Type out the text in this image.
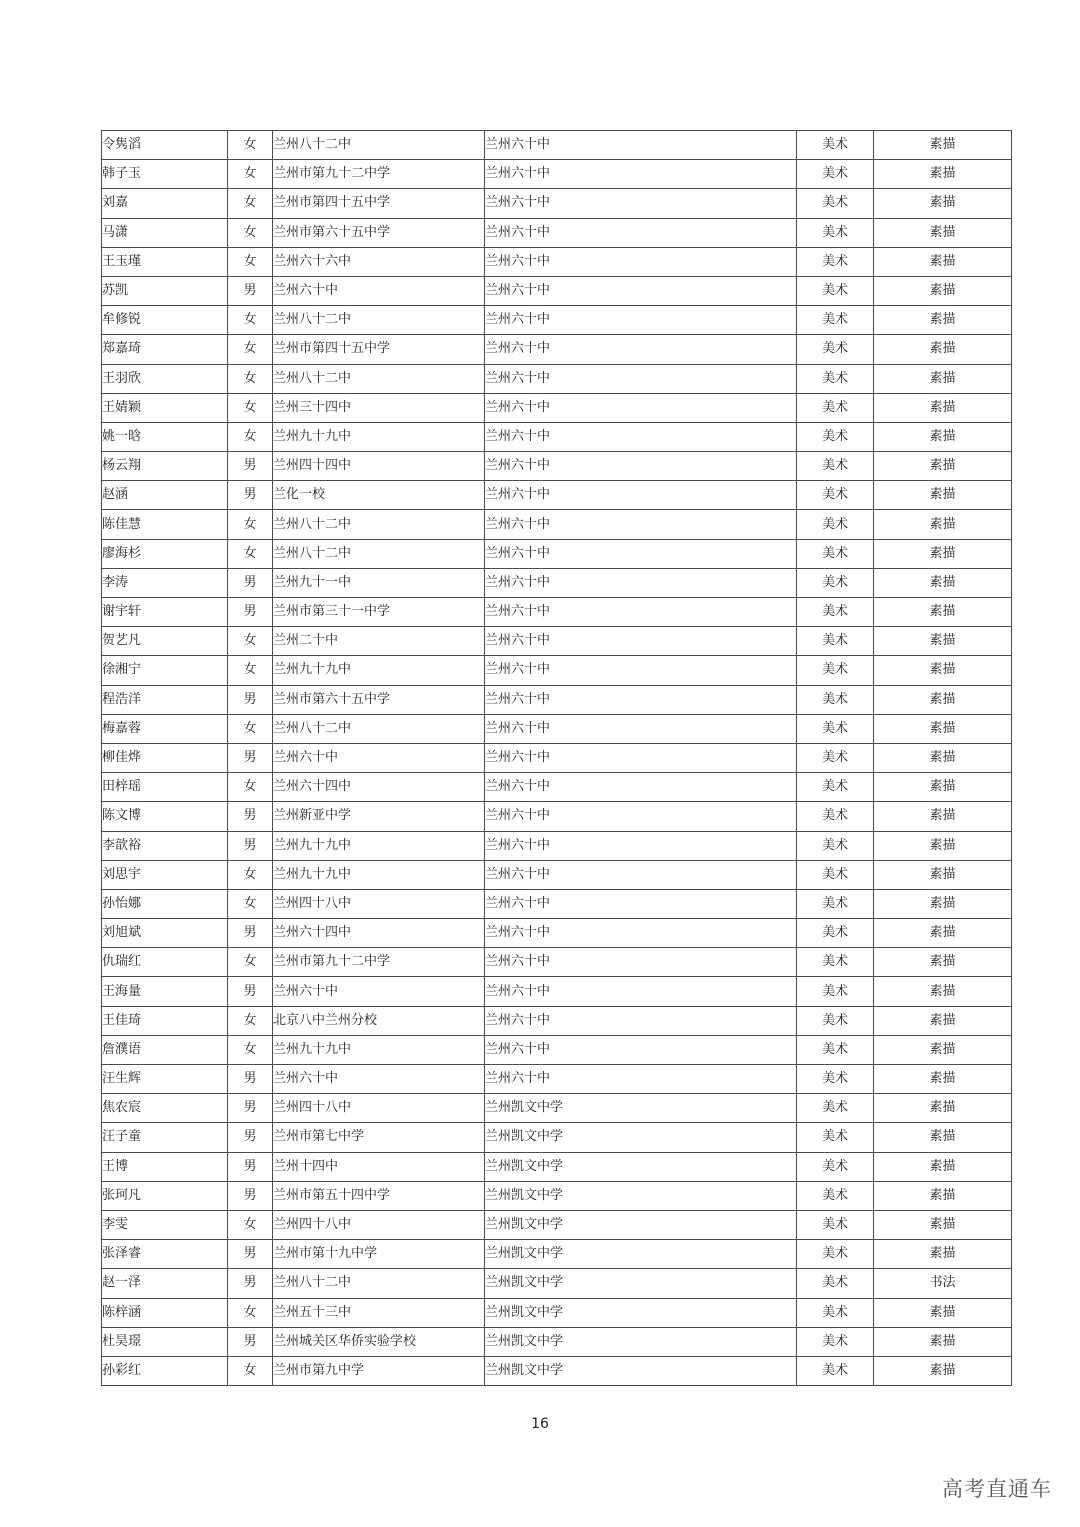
令隽滔	女	兰州八十二中	兰州六十中	美术	素描
韩子玉	女	兰州市第九十二中学	兰州六十中	美术	素描
刘嘉	女	兰州市第四十五中学	兰州六十中	美术	素描
马潇	女	兰州市第六十五中学	兰州六十中	美术	素描
王玉瑾	女	兰州六十六中	兰州六十中	美术	素描
苏凯	男	兰州六十中	兰州六十中	美术	素描
牟修锐	女	兰州八十二中	兰州六十中	美术	素描
郑嘉琦	女	兰州市第四十五中学	兰州六十中	美术	素描
王羽欣	女	兰州八十二中	兰州六十中	美术	素描
王婧颖	女	兰州三十四中	兰州六十中	美术	素描
姚一晗	女	兰州九十九中	兰州六十中	美术	素描
杨云翔	男	兰州四十四中	兰州六十中	美术	素描
赵涵	男	兰化一校	兰州六十中	美术	素描
陈佳慧	女	兰州八十二中	兰州六十中	美术	素描
廖海杉	女	兰州八十二中	兰州六十中	美术	素描
李涛	男	兰州九十一中	兰州六十中	美术	素描
谢宇轩	男	兰州市第三十一中学	兰州六十中	美术	素描
贺艺凡	女	兰州二十中	兰州六十中	美术	素描
徐湘宁	女	兰州九十九中	兰州六十中	美术	素描
程浩洋	男	兰州市第六十五中学	兰州六十中	美术	素描
梅嘉蓉	女	兰州八十二中	兰州六十中	美术	素描
柳佳烨	男	兰州六十中	兰州六十中	美术	素描
田梓瑶	女	兰州六十四中	兰州六十中	美术	素描
陈文博	男	兰州新亚中学	兰州六十中	美术	素描
李歆裕	男	兰州九十九中	兰州六十中	美术	素描
刘思宇	女	兰州九十九中	兰州六十中	美术	素描
孙怡娜	女	兰州四十八中	兰州六十中	美术	素描
刘旭斌	男	兰州六十四中	兰州六十中	美术	素描
仇瑞红	女	兰州市第九十二中学	兰州六十中	美术	素描
王海量	男	兰州六十中	兰州六十中	美术	素描
王佳琦	女	北京八中兰州分校	兰州六十中	美术	素描
詹濮语	女	兰州九十九中	兰州六十中	美术	素描
汪生辉	男	兰州六十中	兰州六十中	美术	素描
焦农宸	男	兰州四十八中	兰州凯文中学	美术	素描
汪子童	男	兰州市第七中学	兰州凯文中学	美术	素描
王博	男	兰州十四中	兰州凯文中学	美术	素描
张珂凡	男	兰州市第五十四中学	兰州凯文中学	美术	素描
李雯	女	兰州四十八中	兰州凯文中学	美术	素描
张泽睿	男	兰州市第十九中学	兰州凯文中学	美术	素描
赵一泽	男	兰州八十二中	兰州凯文中学	美术	书法
陈梓涵	女	兰州五十三中	兰州凯文中学	美术	素描
杜昊璟	男	兰州城关区华侨实验学校	兰州凯文中学	美术	素描
孙彩红	女	兰州市第九中学	兰州凯文中学	美术	素描
16
高考直通车
